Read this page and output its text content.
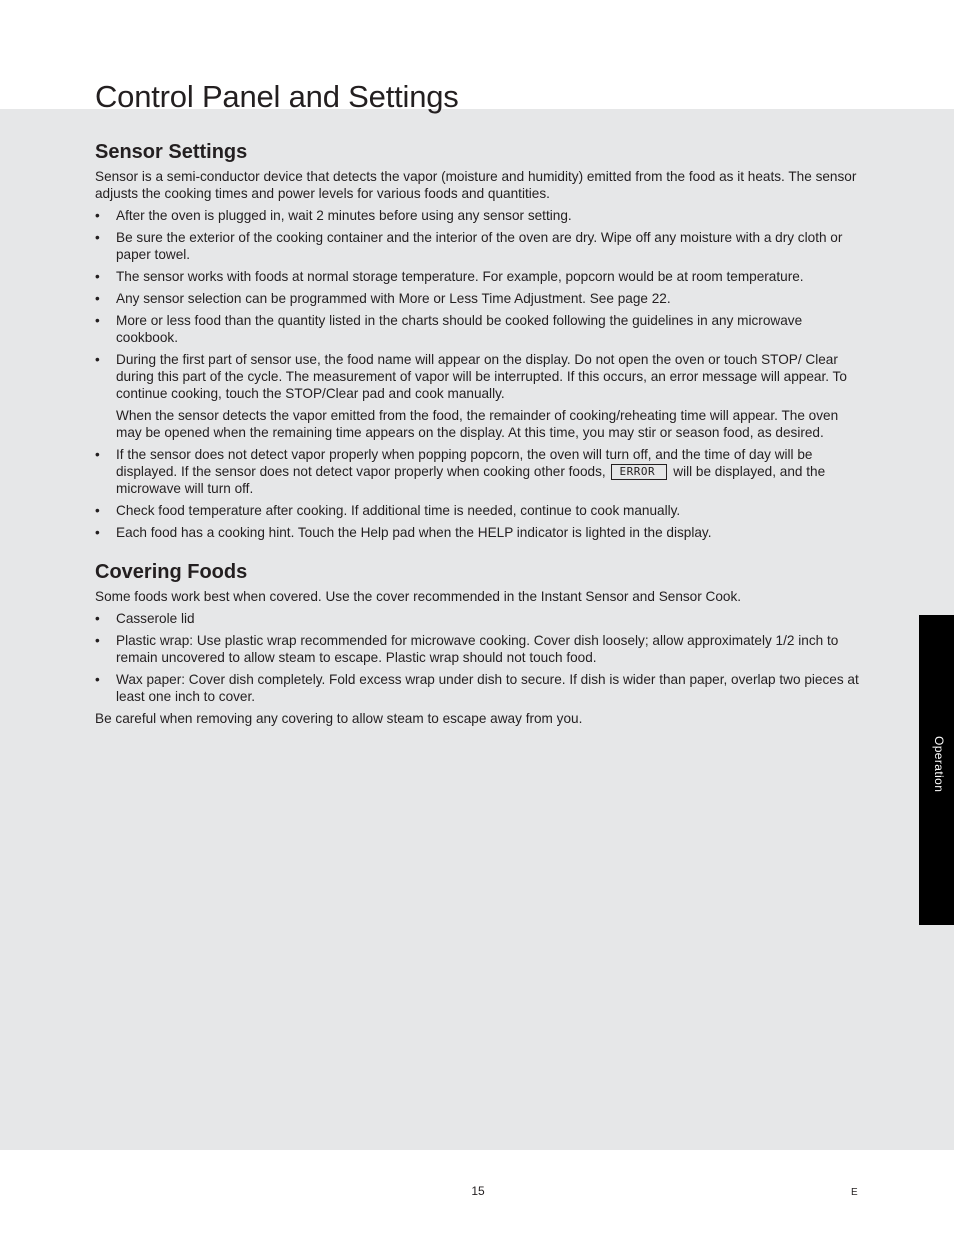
Control Panel and Settings
Sensor Settings

Sensor is a semi-conductor device that detects the vapor (moisture and humidity) emitted from the food as it heats. The sensor adjusts the cooking times and power levels for various foods and quantities.

• After the oven is plugged in, wait 2 minutes before using any sensor setting.
• Be sure the exterior of the cooking container and the interior of the oven are dry. Wipe off any moisture with a dry cloth or paper towel.
• The sensor works with foods at normal storage temperature. For example, popcorn would be at room temperature.
• Any sensor selection can be programmed with More or Less Time Adjustment. See page 22.
• More or less food than the quantity listed in the charts should be cooked following the guidelines in any microwave cookbook.
• During the first part of sensor use, the food name will appear on the display. Do not open the oven or touch STOP/ Clear during this part of the cycle. The measurement of vapor will be interrupted. If this occurs, an error message will appear. To continue cooking, touch the STOP/Clear pad and cook manually.

When the sensor detects the vapor emitted from the food, the remainder of cooking/reheating time will appear. The oven may be opened when the remaining time appears on the display. At this time, you may stir or season food, as desired.

• If the sensor does not detect vapor properly when popping popcorn, the oven will turn off, and the time of day will be displayed. If the sensor does not detect vapor properly when cooking other foods, ERROR will be displayed, and the microwave will turn off.
• Check food temperature after cooking. If additional time is needed, continue to cook manually.
• Each food has a cooking hint. Touch the Help pad when the HELP indicator is lighted in the display.
Covering Foods

Some foods work best when covered. Use the cover recommended in the Instant Sensor and Sensor Cook.

• Casserole lid
• Plastic wrap: Use plastic wrap recommended for microwave cooking. Cover dish loosely; allow approximately 1/2 inch to remain uncovered to allow steam to escape. Plastic wrap should not touch food.
• Wax paper: Cover dish completely. Fold excess wrap under dish to secure. If dish is wider than paper, overlap two pieces at least one inch to cover.

Be careful when removing any covering to allow steam to escape away from you.

Operation
15	E
